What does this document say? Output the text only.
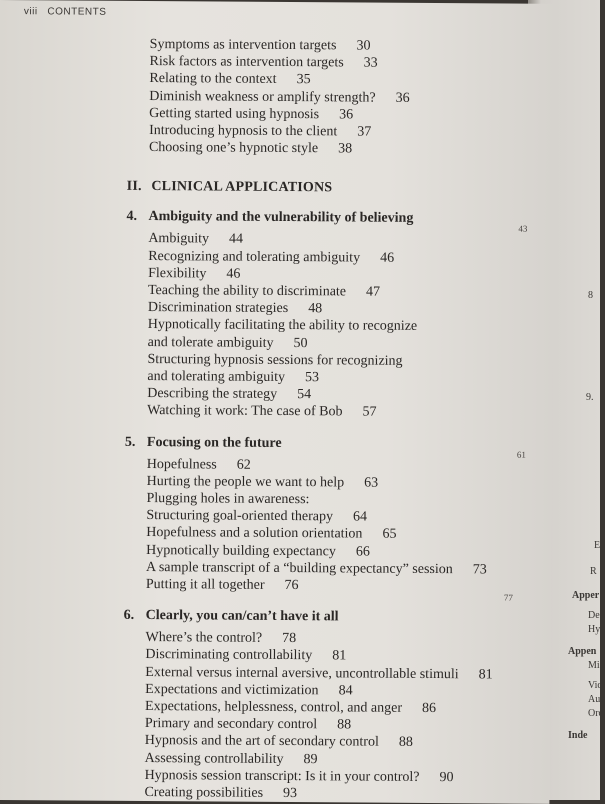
8
9.
E
R
Apper
De
Hy
Appen
Mi
Vid
Auc
Ord
Inde
viii CONTENTS
Symptoms as intervention targets 30
Risk factors as intervention targets 33
Relating to the context 35
Diminish weakness or amplify strength? 36
Getting started using hypnosis 36
Introducing hypnosis to the client 37
Choosing one’s hypnotic style 38
II. CLINICAL APPLICATIONS
4. Ambiguity and the vulnerability of believing
43
Ambiguity 44
Recognizing and tolerating ambiguity 46
Flexibility 46
Teaching the ability to discriminate 47
Discrimination strategies 48
Hypnotically facilitating the ability to recognize
and tolerate ambiguity 50
Structuring hypnosis sessions for recognizing
and tolerating ambiguity 53
Describing the strategy 54
Watching it work: The case of Bob 57
5. Focusing on the future
61
Hopefulness 62
Hurting the people we want to help 63
Plugging holes in awareness:
Structuring goal-oriented therapy 64
Hopefulness and a solution orientation 65
Hypnotically building expectancy 66
A sample transcript of a “building expectancy” session 73
Putting it all together 76
6. Clearly, you can/can’t have it all
77
Where’s the control? 78
Discriminating controllability 81
External versus internal aversive, uncontrollable stimuli 81
Expectations and victimization 84
Expectations, helplessness, control, and anger 86
Primary and secondary control 88
Hypnosis and the art of secondary control 88
Assessing controllability 89
Hypnosis session transcript: Is it in your control? 90
Creating possibilities 93
